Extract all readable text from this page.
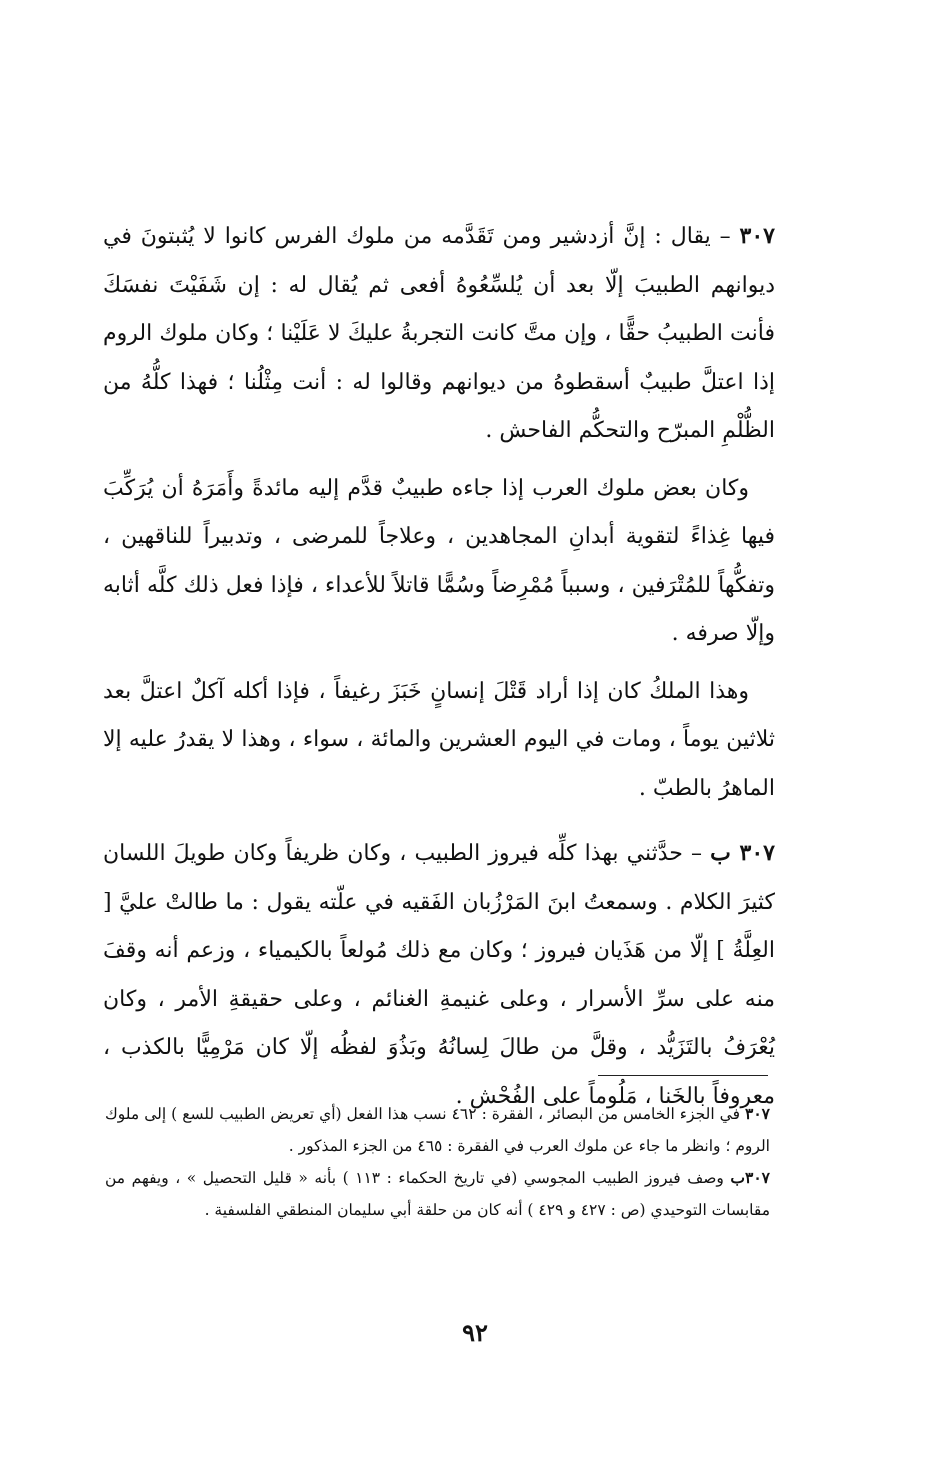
٣٠٧ – يقال : إنَّ أزدشير ومن تَقَدَّمه من ملوك الفرس كانوا لا يُثبتونَ في ديوانهم الطبيبَ إلّا بعد أن يُلسِّعُوهُ أفعى ثم يُقال له : إن شَفَيْتَ نفسَكَ فأنت الطبيبُ حقًّا ، وإن متَّ كانت التجربةُ عليكَ لا عَلَيْنا ؛ وكان ملوك الروم إذا اعتلَّ طبيبٌ أسقطوهُ من ديوانهم وقالوا له : أنت مِثْلُنا ؛ فهذا كلُّهُ من الظُّلْمِ المبرّح والتحكُّم الفاحش .

وكان بعض ملوك العرب إذا جاءه طبيبٌ قدَّم إليه مائدةً وأَمَرَهُ أن يُرَكِّبَ فيها غِذاءً لتقوية أبدانِ المجاهدين ، وعلاجاً للمرضى ، وتدبيراً للناقهين ، وتفكُّهاً للمُتْرَفين ، وسبباً مُمْرِضاً وسُمًّا قاتلاً للأعداء ، فإذا فعل ذلك كلَّه أثابه وإلّا صرفه .

وهذا الملكُ كان إذا أراد قَتْلَ إنسانٍ خَبَزَ رغيفاً ، فإذا أكله آكلٌ اعتلَّ بعد ثلاثين يوماً ، ومات في اليوم العشرين والمائة ، سواء ، وهذا لا يقدرُ عليه إلا الماهرُ بالطبّ .

٣٠٧ ب – حدَّثني بهذا كلِّه فيروز الطبيب ، وكان ظريفاً وكان طويلَ اللسان كثيرَ الكلام . وسمعتُ ابنَ المَرْزُبان الفَقيه في علّته يقول : ما طالتْ عليَّ [ العِلَّةُ ] إلّا من هَذَيان فيروز ؛ وكان مع ذلك مُولعاً بالكيمياء ، وزعم أنه وقفَ منه على سرِّ الأسرار ، وعلى غنيمةِ الغنائم ، وعلى حقيقةِ الأمر ، وكان يُعْرَفُ بالتَزَيُّد ، وقلَّ من طالَ لِسانُهُ وبَذُوَ لفظُه إلّا كان مَرْمِيًّا بالكذب ، معروفاً بالخَنا ، مَلُوماً على الفُحْش .

٣٠٧ في الجزء الخامس من البصائر ، الفقرة : ٤٦٢ نسب هذا الفعل (أي تعريض الطبيب للسع ) إلى ملوك الروم ؛ وانظر ما جاء عن ملوك العرب في الفقرة : ٤٦٥ من الجزء المذكور .

٣٠٧ب وصف فيروز الطبيب المجوسي (في تاريخ الحكماء : ١١٣ ) بأنه « قليل التحصيل » ، ويفهم من مقابسات التوحيدي (ص : ٤٢٧ و ٤٢٩ ) أنه كان من حلقة أبي سليمان المنطقي الفلسفية .

٩٢
